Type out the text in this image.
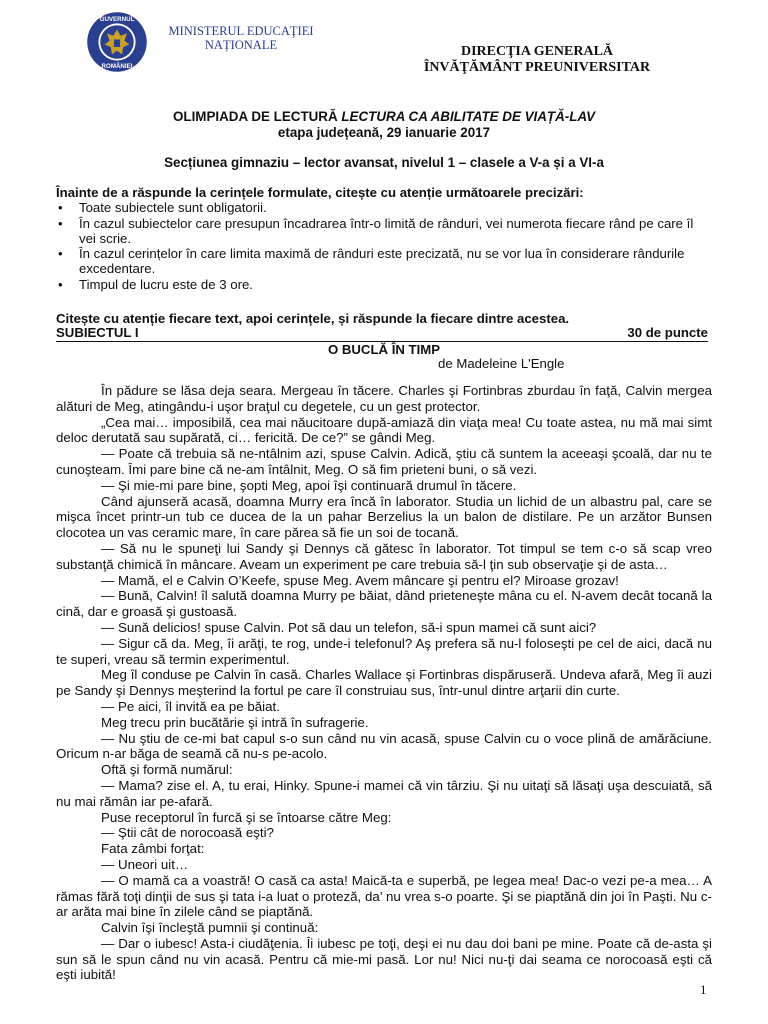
GUVERNUL
ROMÂNIEI
MINISTERUL EDUCAŢIEI
NAȚIONALE	DIRECŢIA GENERALĂ
ÎNVĂŢĂMÂNT PREUNIVERSITAR
OLIMPIADA DE LECTURĂ LECTURA CA ABILITATE DE VIAȚĂ-LAV
etapa județeană, 29 ianuarie 2017
Secțiunea gimnaziu – lector avansat, nivelul 1 – clasele a V-a și a VI-a
Înainte de a răspunde la cerințele formulate, citește cu atenție următoarele precizări:
• Toate subiectele sunt obligatorii.
• În cazul subiectelor care presupun încadrarea într-o limită de rânduri, vei numerota fiecare rând pe care îl vei scrie.
• În cazul cerințelor în care limita maximă de rânduri este precizată, nu se vor lua în considerare rândurile excedentare.
• Timpul de lucru este de 3 ore.
Citește cu atenție fiecare text, apoi cerințele, și răspunde la fiecare dintre acestea.
SUBIECTUL I	30 de puncte
O BUCLĂ ÎN TIMP
de Madeleine L'Engle

În pădure se lăsa deja seara. Mergeau în tăcere. Charles şi Fortinbras zburdau în faţă, Calvin mergea alături de Meg, atingându-i uşor braţul cu degetele, cu un gest protector.

„Cea mai… imposibilă, cea mai năucitoare după-amiază din viaţa mea! Cu toate astea, nu mă mai simt deloc derutată sau supărată, ci… fericită. De ce?” se gândi Meg.

— Poate că trebuia să ne-ntâlnim azi, spuse Calvin. Adică, ştiu că suntem la aceeaşi şcoală, dar nu te cunoşteam. Îmi pare bine că ne-am întâlnit, Meg. O să fim prieteni buni, o să vezi.

— Şi mie-mi pare bine, şopti Meg, apoi îşi continuară drumul în tăcere.

Când ajunseră acasă, doamna Murry era încă în laborator. Studia un lichid de un albastru pal, care se mişca încet printr-un tub ce ducea de la un pahar Berzelius la un balon de distilare. Pe un arzător Bunsen clocotea un vas ceramic mare, în care părea să fie un soi de tocană.

— Să nu le spuneţi lui Sandy şi Dennys că gătesc în laborator. Tot timpul se tem c-o să scap vreo substanţă chimică în mâncare. Aveam un experiment pe care trebuia să-l ţin sub observaţie şi de asta…

— Mamă, el e Calvin O’Keefe, spuse Meg. Avem mâncare şi pentru el? Miroase grozav!

— Bună, Calvin! îl salută doamna Murry pe băiat, dând prieteneşte mâna cu el. N-avem decât tocană la cină, dar e groasă şi gustoasă.

— Sună delicios! spuse Calvin. Pot să dau un telefon, să-i spun mamei că sunt aici?

— Sigur că da. Meg, îi arăţi, te rog, unde-i telefonul? Aş prefera să nu-l foloseşti pe cel de aici, dacă nu te superi, vreau să termin experimentul.

Meg îl conduse pe Calvin în casă. Charles Wallace şi Fortinbras dispăruseră. Undeva afară, Meg îi auzi pe Sandy şi Dennys meşterind la fortul pe care îl construiau sus, într-unul dintre arţarii din curte.

— Pe aici, îl invită ea pe băiat.

Meg trecu prin bucătărie şi intră în sufragerie.

— Nu ştiu de ce-mi bat capul s-o sun când nu vin acasă, spuse Calvin cu o voce plină de amărăciune. Oricum n-ar băga de seamă că nu-s pe-acolo.

Oftă şi formă numărul:

— Mama? zise el. A, tu erai, Hinky. Spune-i mamei că vin târziu. Şi nu uitaţi să lăsaţi uşa descuiată, să nu mai rămân iar pe-afară.

Puse receptorul în furcă şi se întoarse către Meg:

— Ştii cât de norocoasă eşti?

Fata zâmbi forţat:

— Uneori uit…

— O mamă ca a voastră! O casă ca asta! Maică-ta e superbă, pe legea mea! Dac-o vezi pe-a mea… A rămas fără toţi dinţii de sus şi tata i-a luat o proteză, da’ nu vrea s-o poarte. Şi se piaptănă din joi în Paşti. Nu c-ar arăta mai bine în zilele când se piaptănă.

Calvin îşi încleştă pumnii şi continuă:

— Dar o iubesc! Asta-i ciudăţenia. Îi iubesc pe toţi, deşi ei nu dau doi bani pe mine. Poate că de-asta şi sun să le spun când nu vin acasă. Pentru că mie-mi pasă. Lor nu! Nici nu-ţi dai seama ce norocoasă eşti că eşti iubită!

1
